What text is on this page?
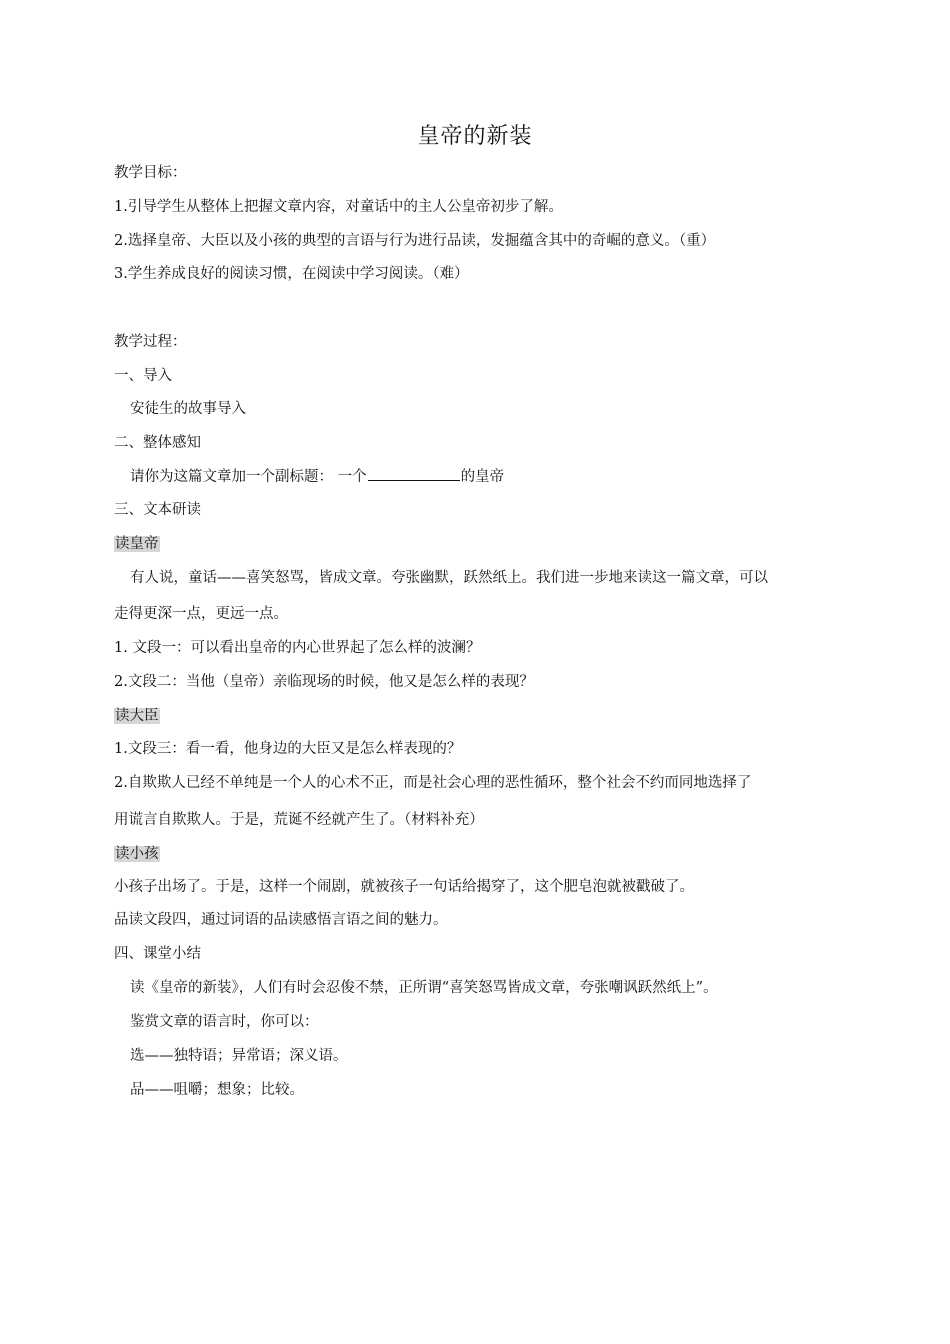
皇帝的新装
教学目标：
1.引导学生从整体上把握文章内容，对童话中的主人公皇帝初步了解。
2.选择皇帝、大臣以及小孩的典型的言语与行为进行品读，发掘蕴含其中的奇崛的意义。（重）
3.学生养成良好的阅读习惯，在阅读中学习阅读。（难）
教学过程：
一、导入
安徒生的故事导入
二、整体感知
请你为这篇文章加一个副标题： 一个	的皇帝
三、文本研读
读皇帝
有人说，童话——喜笑怒骂，皆成文章。夸张幽默，跃然纸上。我们进一步地来读这一篇文章，可以
走得更深一点，更远一点。
1. 文段一：可以看出皇帝的内心世界起了怎么样的波澜？
2.文段二：当他（皇帝）亲临现场的时候，他又是怎么样的表现？
读大臣
1.文段三：看一看，他身边的大臣又是怎么样表现的？
2.自欺欺人已经不单纯是一个人的心术不正，而是社会心理的恶性循环，整个社会不约而同地选择了
用谎言自欺欺人。于是，荒诞不经就产生了。（材料补充）
读小孩
小孩子出场了。于是，这样一个闹剧，就被孩子一句话给揭穿了，这个肥皂泡就被戳破了。
品读文段四，通过词语的品读感悟言语之间的魅力。
四、课堂小结
读《皇帝的新装》，人们有时会忍俊不禁，正所谓“喜笑怒骂皆成文章，夸张嘲讽跃然纸上”。
鉴赏文章的语言时，你可以：
选——独特语；异常语；深义语。
品——咀嚼；想象；比较。
